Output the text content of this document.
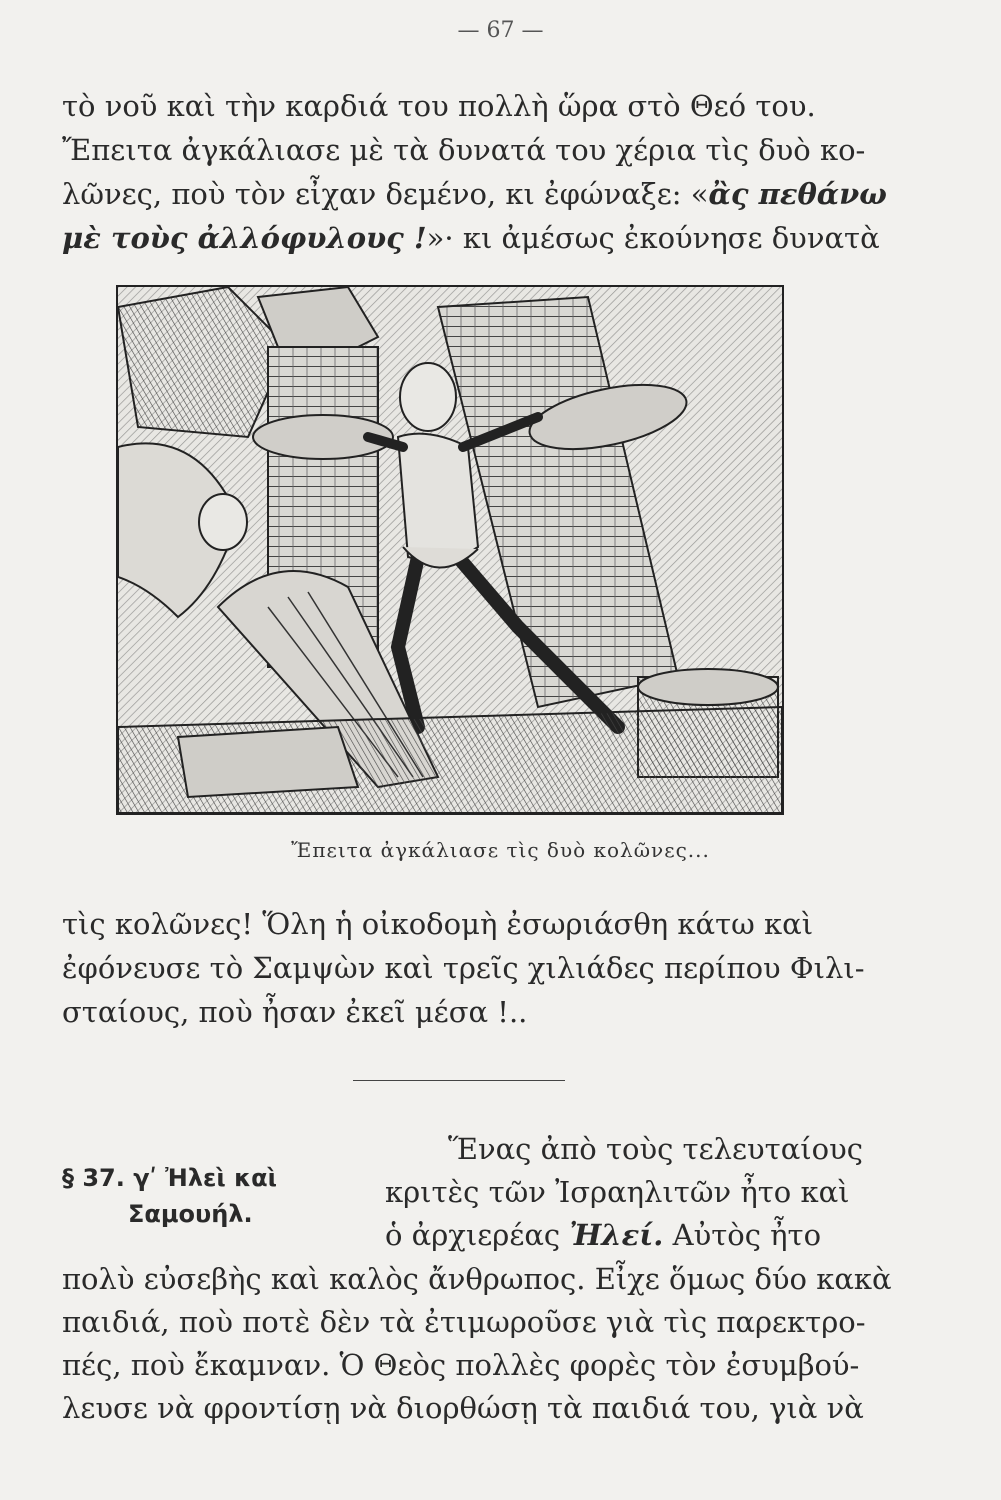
— 67 —

τὸ νοῦ καὶ τὴν καρδιά του πολλὴ ὥρα στὸ Θεό του.
Ἔπειτα ἀγκάλιασε μὲ τὰ δυνατά του χέρια τὶς δυὸ κο-
λῶνες, ποὺ τὸν εἶχαν δεμένο, κι ἐφώναξε: «ἂς πεθάνω
μὲ τοὺς ἀλλόφυλους !»· κι ἀμέσως ἐκούνησε δυνατὰ

Ἔπειτα ἀγκάλιασε τὶς δυὸ κολῶνες...

τὶς κολῶνες! Ὅλη ἡ οἰκοδομὴ ἐσωριάσθη κάτω καὶ
ἐφόνευσε τὸ Σαμψὼν καὶ τρεῖς χιλιάδες περίπου Φιλι-
σταίους, ποὺ ἦσαν ἐκεῖ μέσα !..

§ 37. γʹ Ἠλεὶ καὶ
Σαμουήλ.
Ἕνας ἀπὸ τοὺς τελευταίους
κριτὲς τῶν Ἰσραηλιτῶν ἦτο καὶ
ὁ ἀρχιερέας Ἠλεί. Αὐτὸς ἦτο
πολὺ εὐσεβὴς καὶ καλὸς ἄνθρωπος. Εἶχε ὅμως δύο κακὰ
παιδιά, ποὺ ποτὲ δὲν τὰ ἐτιμωροῦσε γιὰ τὶς παρεκτρο-
πές, ποὺ ἔκαμναν. Ὁ Θεὸς πολλὲς φορὲς τὸν ἐσυμβού-
λευσε νὰ φροντίσῃ νὰ διορθώσῃ τὰ παιδιά του, γιὰ νὰ
